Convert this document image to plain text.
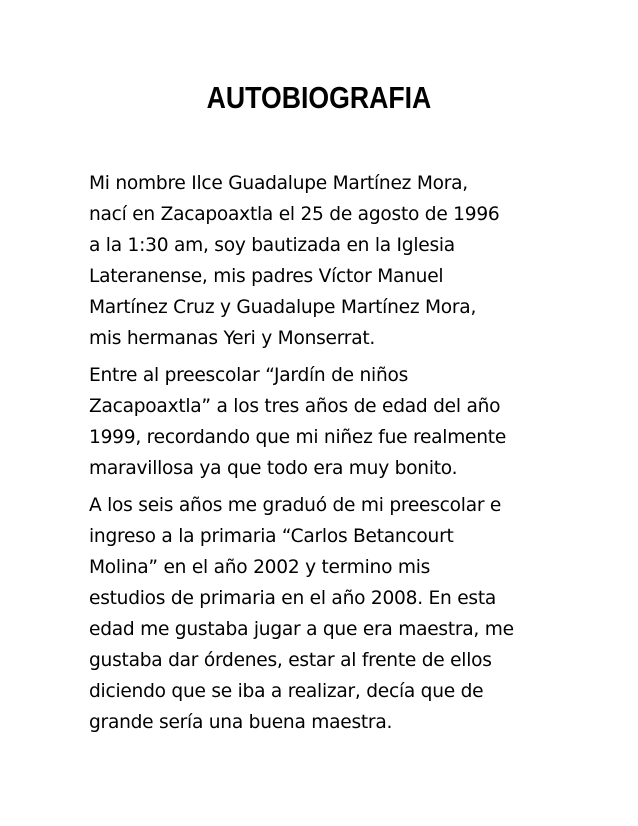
AUTOBIOGRAFIA
Mi nombre Ilce Guadalupe Martínez Mora,
nací en Zacapoaxtla el 25 de agosto de 1996
a la 1:30 am, soy bautizada en la Iglesia
Lateranense, mis padres Víctor Manuel
Martínez Cruz y Guadalupe Martínez Mora,
mis hermanas Yeri y Monserrat.
Entre al preescolar “Jardín de niños
Zacapoaxtla” a los tres años de edad del año
1999, recordando que mi niñez fue realmente
maravillosa ya que todo era muy bonito.
A los seis años me graduó de mi preescolar e
ingreso a la primaria “Carlos Betancourt
Molina” en el año 2002 y termino mis
estudios de primaria en el año 2008. En esta
edad me gustaba jugar a que era maestra, me
gustaba dar órdenes, estar al frente de ellos
diciendo que se iba a realizar, decía que de
grande sería una buena maestra.
